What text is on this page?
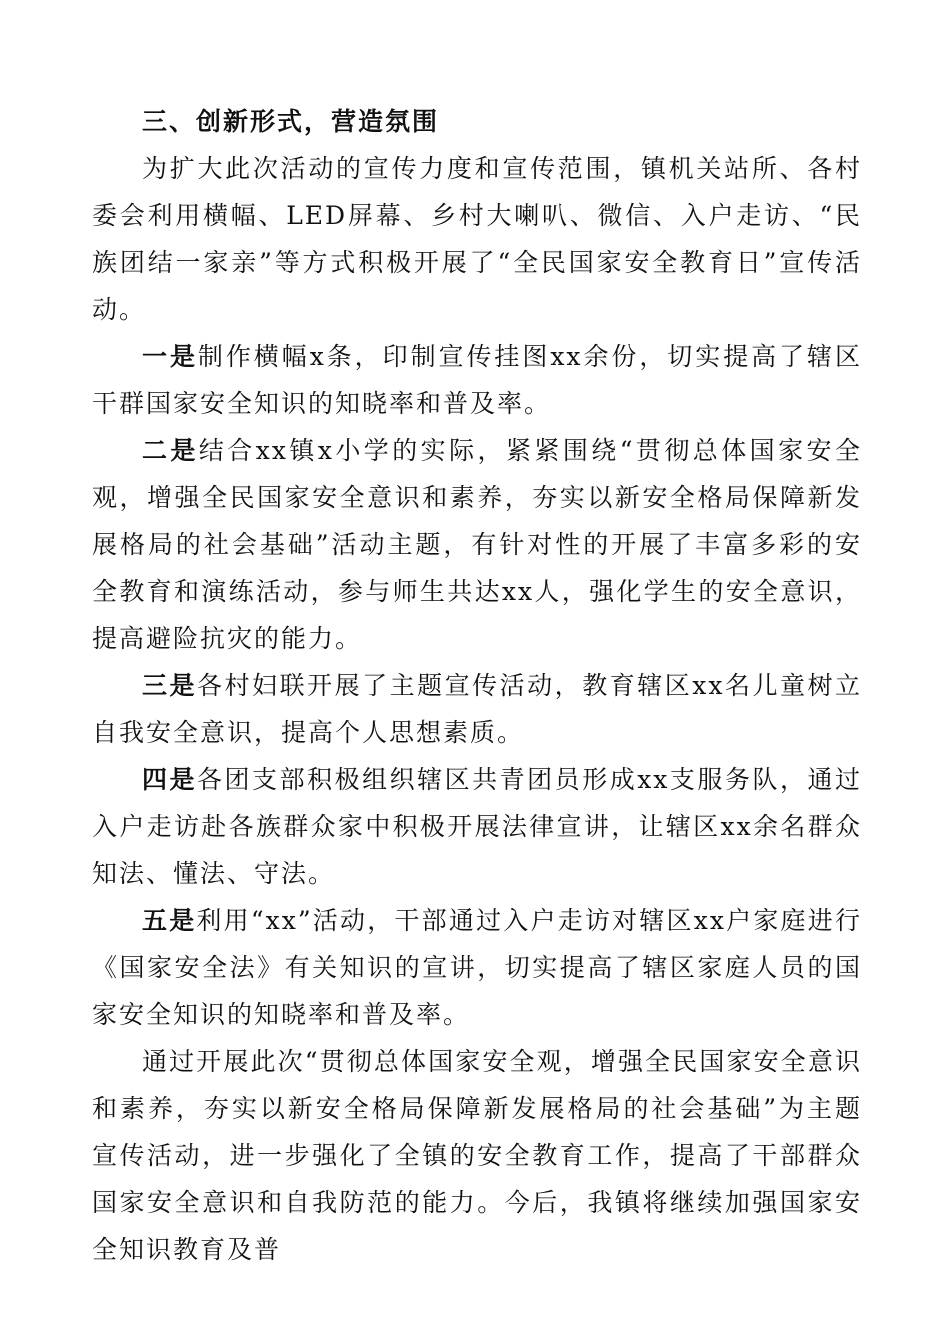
三、创新形式，营造氛围

为扩大此次活动的宣传力度和宣传范围，镇机关站所、各村委会利用横幅、LED屏幕、乡村大喇叭、微信、入户走访、“民族团结一家亲”等方式积极开展了“全民国家安全教育日”宣传活动。

一是制作横幅x条，印制宣传挂图xx余份，切实提高了辖区干群国家安全知识的知晓率和普及率。

二是结合xx镇x小学的实际，紧紧围绕“贯彻总体国家安全观，增强全民国家安全意识和素养，夯实以新安全格局保障新发展格局的社会基础”活动主题，有针对性的开展了丰富多彩的安全教育和演练活动，参与师生共达xx人，强化学生的安全意识，提高避险抗灾的能力。

三是各村妇联开展了主题宣传活动，教育辖区xx名儿童树立自我安全意识，提高个人思想素质。

四是各团支部积极组织辖区共青团员形成xx支服务队，通过入户走访赴各族群众家中积极开展法律宣讲，让辖区xx余名群众知法、懂法、守法。

五是利用“xx”活动，干部通过入户走访对辖区xx户家庭进行《国家安全法》有关知识的宣讲，切实提高了辖区家庭人员的国家安全知识的知晓率和普及率。

通过开展此次“贯彻总体国家安全观，增强全民国家安全意识和素养，夯实以新安全格局保障新发展格局的社会基础”为主题宣传活动，进一步强化了全镇的安全教育工作，提高了干部群众国家安全意识和自我防范的能力。今后，我镇将继续加强国家安全知识教育及普
